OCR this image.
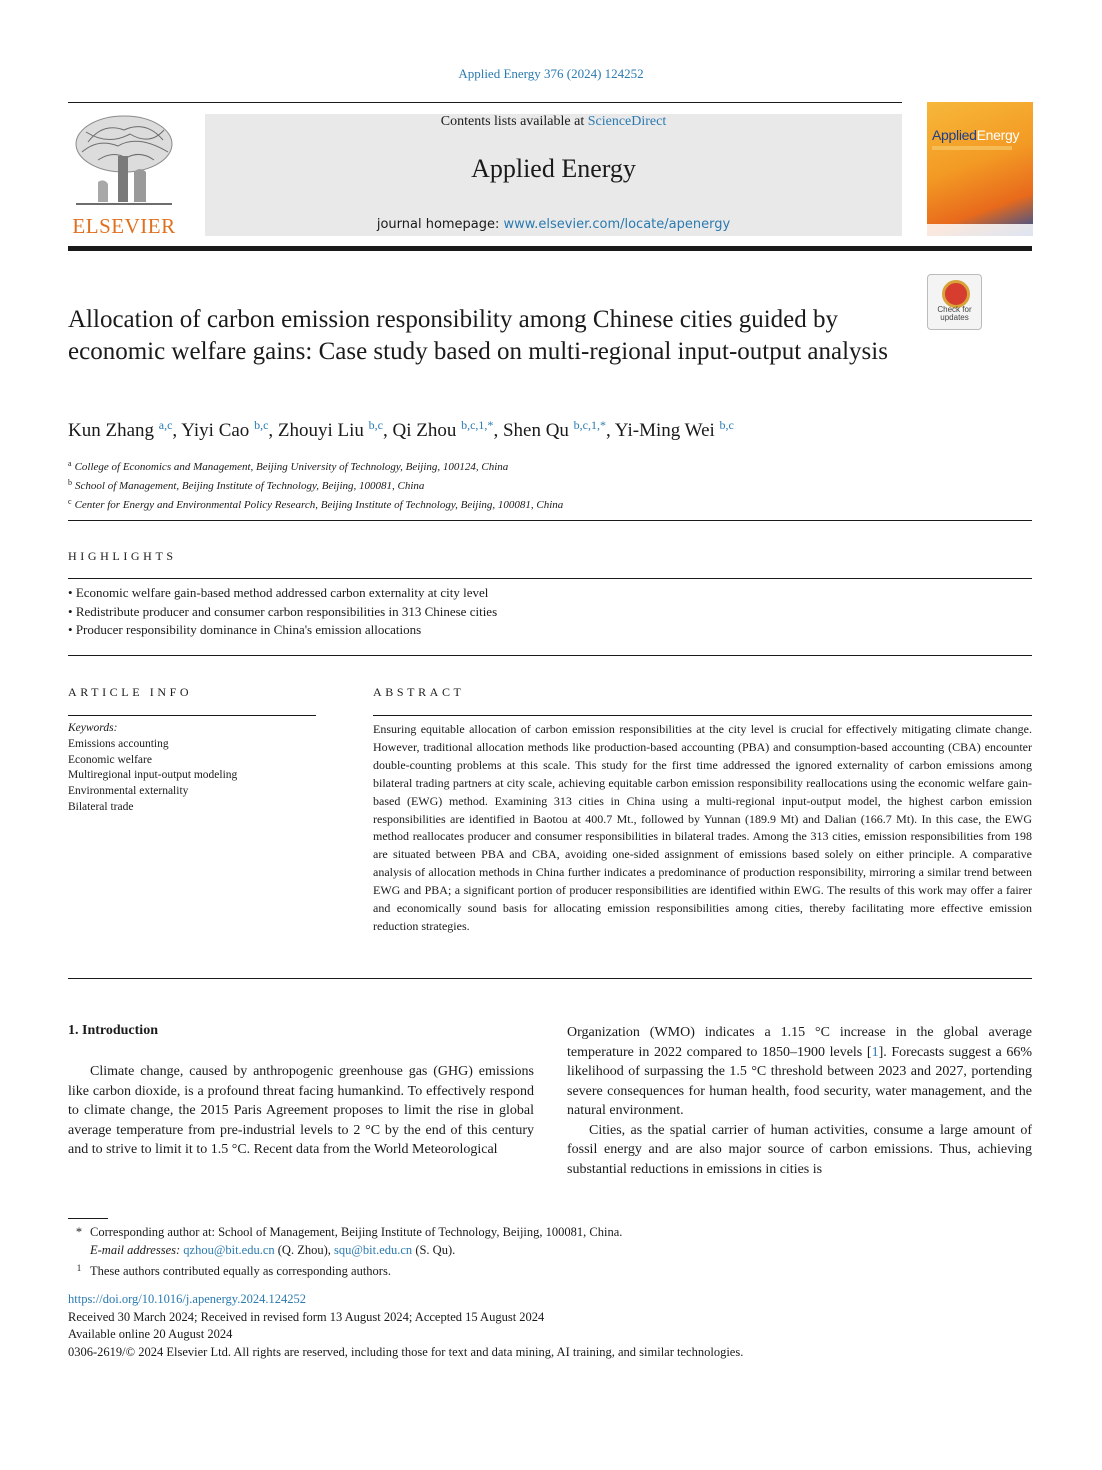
Applied Energy 376 (2024) 124252
ELSEVIER
Contents lists available at ScienceDirect
Applied Energy
journal homepage: www.elsevier.com/locate/apenergy
AppliedEnergy
Check for
updates
Allocation of carbon emission responsibility among Chinese cities guided by economic welfare gains: Case study based on multi-regional input-output analysis
Kun Zhang $^{a,c}$, Yiyi Cao $^{b,c}$, Zhouyi Liu $^{b,c}$, Qi Zhou $^{b,c,1,*}$, Shen Qu $^{b,c,1,*}$, Yi-Ming Wei $^{b,c}$
$^a$ College of Economics and Management, Beijing University of Technology, Beijing, 100124, China
$^b$ School of Management, Beijing Institute of Technology, Beijing, 100081, China
$^c$ Center for Energy and Environmental Policy Research, Beijing Institute of Technology, Beijing, 100081, China
HIGHLIGHTS
• Economic welfare gain-based method addressed carbon externality at city level
• Redistribute producer and consumer carbon responsibilities in 313 Chinese cities
• Producer responsibility dominance in China's emission allocations
ARTICLE INFO
Keywords:
Emissions accounting
Economic welfare
Multiregional input-output modeling
Environmental externality
Bilateral trade
ABSTRACT
Ensuring equitable allocation of carbon emission responsibilities at the city level is crucial for effectively mitigating climate change. However, traditional allocation methods like production-based accounting (PBA) and consumption-based accounting (CBA) encounter double-counting problems at this scale. This study for the first time addressed the ignored externality of carbon emissions among bilateral trading partners at city scale, achieving equitable carbon emission responsibility reallocations using the economic welfare gain-based (EWG) method. Examining 313 cities in China using a multi-regional input-output model, the highest carbon emission responsibilities are identified in Baotou at 400.7 Mt., followed by Yunnan (189.9 Mt) and Dalian (166.7 Mt). In this case, the EWG method reallocates producer and consumer responsibilities in bilateral trades. Among the 313 cities, emission responsibilities from 198 are situated between PBA and CBA, avoiding one-sided assignment of emissions based solely on either principle. A comparative analysis of allocation methods in China further indicates a predominance of production responsibility, mirroring a similar trend between EWG and PBA; a significant portion of producer responsibilities are identified within EWG. The results of this work may offer a fairer and economically sound basis for allocating emission responsibilities among cities, thereby facilitating more effective emission reduction strategies.
1. Introduction

Climate change, caused by anthropogenic greenhouse gas (GHG) emissions like carbon dioxide, is a profound threat facing humankind. To effectively respond to climate change, the 2015 Paris Agreement proposes to limit the rise in global average temperature from pre-industrial levels to 2 °C by the end of this century and to strive to limit it to 1.5 °C. Recent data from the World Meteorological

Organization (WMO) indicates a 1.15 °C increase in the global average temperature in 2022 compared to 1850–1900 levels [1]. Forecasts suggest a 66% likelihood of surpassing the 1.5 °C threshold between 2023 and 2027, portending severe consequences for human health, food security, water management, and the natural environment.

Cities, as the spatial carrier of human activities, consume a large amount of fossil energy and are also major source of carbon emissions. Thus, achieving substantial reductions in emissions in cities is

* Corresponding author at: School of Management, Beijing Institute of Technology, Beijing, 100081, China.
E-mail addresses: qzhou@bit.edu.cn (Q. Zhou), squ@bit.edu.cn (S. Qu).
1 These authors contributed equally as corresponding authors.
https://doi.org/10.1016/j.apenergy.2024.124252
Received 30 March 2024; Received in revised form 13 August 2024; Accepted 15 August 2024
Available online 20 August 2024
0306-2619/© 2024 Elsevier Ltd. All rights are reserved, including those for text and data mining, AI training, and similar technologies.
